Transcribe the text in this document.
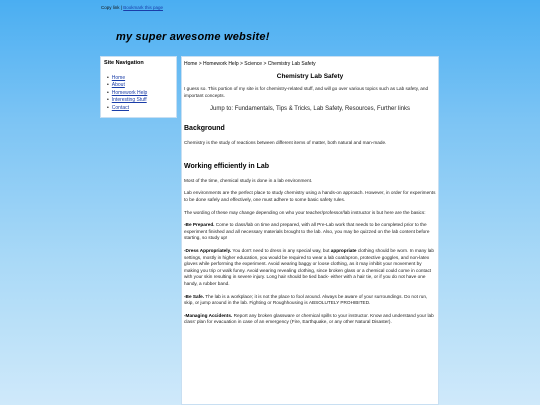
Copy link | Bookmark this page
my super awesome website!
Site Navigation
• Home
• About
• Homework Help
• Interesting Stuff
• Contact
Home > Homework Help > Science > Chemistry Lab Safety
Chemistry Lab Safety
I guess so. This portion of my site is for chemistry-related stuff, and will go over various topics such as Lab safety, and important concepts.
Jump to: Fundamentals, Tips & Tricks, Lab Safety, Resources, Further links
Background
Chemistry is the study of reactions between different items of matter, both natural and man-made.
Working efficiently in Lab
Most of the time, chemical study is done in a lab environment.
Lab environments are the perfect place to study chemistry using a hands-on approach. However, in order for experiments to be done safely and effectively, one must adhere to some basic safety rules.
The wording of these may change depending on who your teacher/professor/lab instructor is but here are the basics:
-Be Prepared. Come to class/lab on time and prepared, with all Pre-Lab work that needs to be completed prior to the experiment finished and all necessary materials brought to the lab. Also, you may be quizzed on the lab content before starting, so study up!
-Dress Appropriately. You don't need to dress in any special way, but appropriate clothing should be worn. In many lab settings, mostly in higher education, you would be required to wear a lab coat/apron, protective goggles, and non-latex gloves while performing the experiment. Avoid wearing baggy or loose clothing, as it may inhibit your movement by making you trip or walk funny. Avoid wearing revealing clothing, since broken glass or a chemical could come in contact with your skin resulting in severe injury. Long hair should be tied back- either with a hair tie, or if you do not have one handy, a rubber band.
-Be Safe. The lab is a workplace; it is not the place to fool around. Always be aware of your surroundings. Do not run, skip, or jump around in the lab. Fighting or Roughhousing is ABSOLUTELY PROHIBITED.
-Managing Accidents. Report any broken glassware or chemical spills to your instructor. Know and understand your lab class' plan for evacuation in case of an emergency (Fire, Earthquake, or any other Natural Disaster).
